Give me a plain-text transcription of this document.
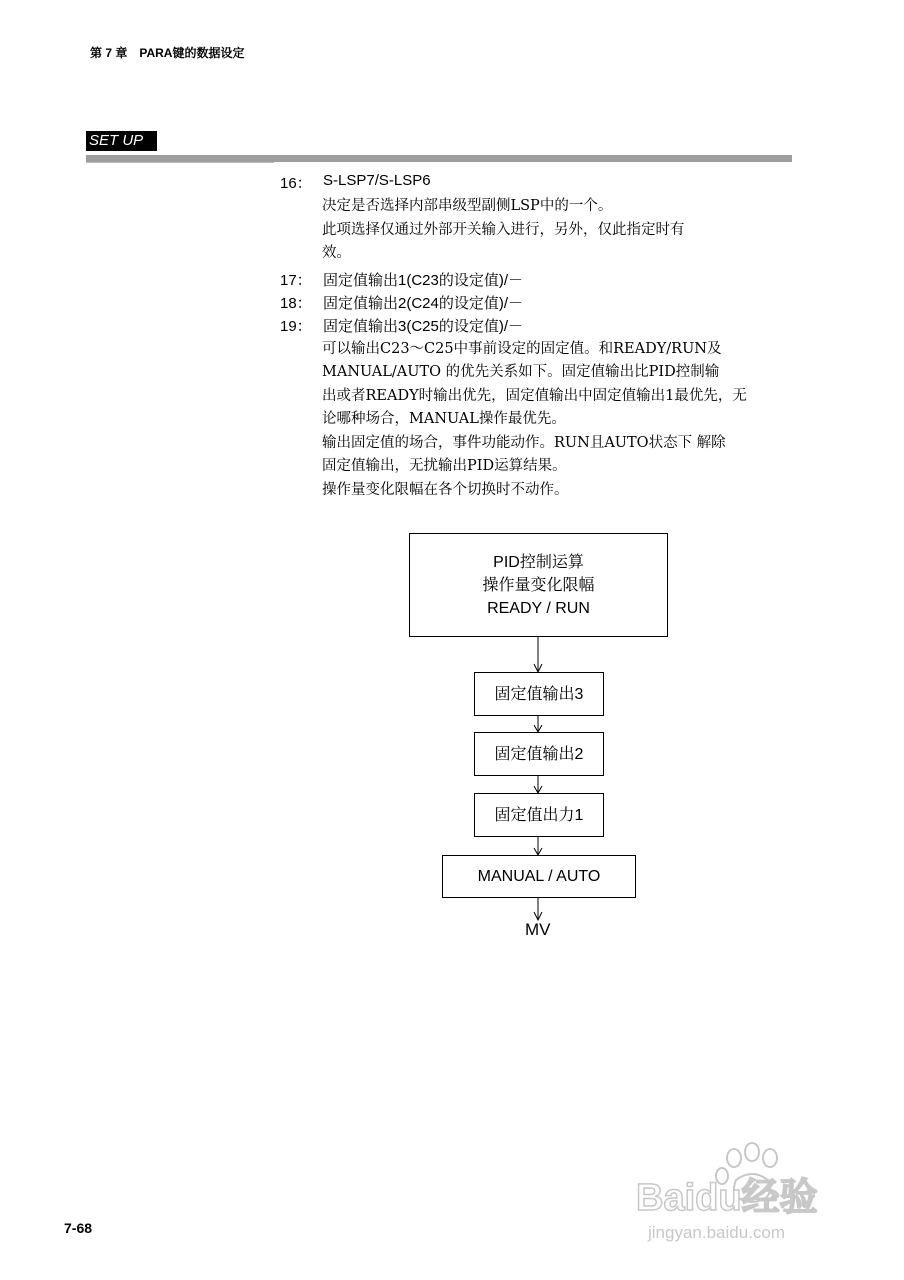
第 7 章　PARA键的数据设定
SET UP
16： S-LSP7/S-LSP6
决定是否选择内部串级型副侧LSP中的一个。
此项选择仅通过外部开关输入进行，另外，仅此指定时有
效。
17： 固定值输出1(C23的设定值)/－
18： 固定值输出2(C24的设定值)/－
19： 固定值输出3(C25的设定值)/－
可以输出C23～C25中事前设定的固定值。和READY/RUN及
MANUAL/AUTO 的优先关系如下。固定值输出比PID控制输
出或者READY时输出优先，固定值输出中固定值输出1最优先，无
论哪种场合，MANUAL操作最优先。
输出固定值的场合，事件功能动作。RUN且AUTO状态下 解除
固定值输出，无扰输出PID运算结果。
操作量变化限幅在各个切换时不动作。
PID控制运算
操作量变化限幅
READY / RUN
固定值输出3
固定值输出2
固定值出力1
MANUAL / AUTO
MV
7-68
Baidu经验
jingyan.baidu.com
